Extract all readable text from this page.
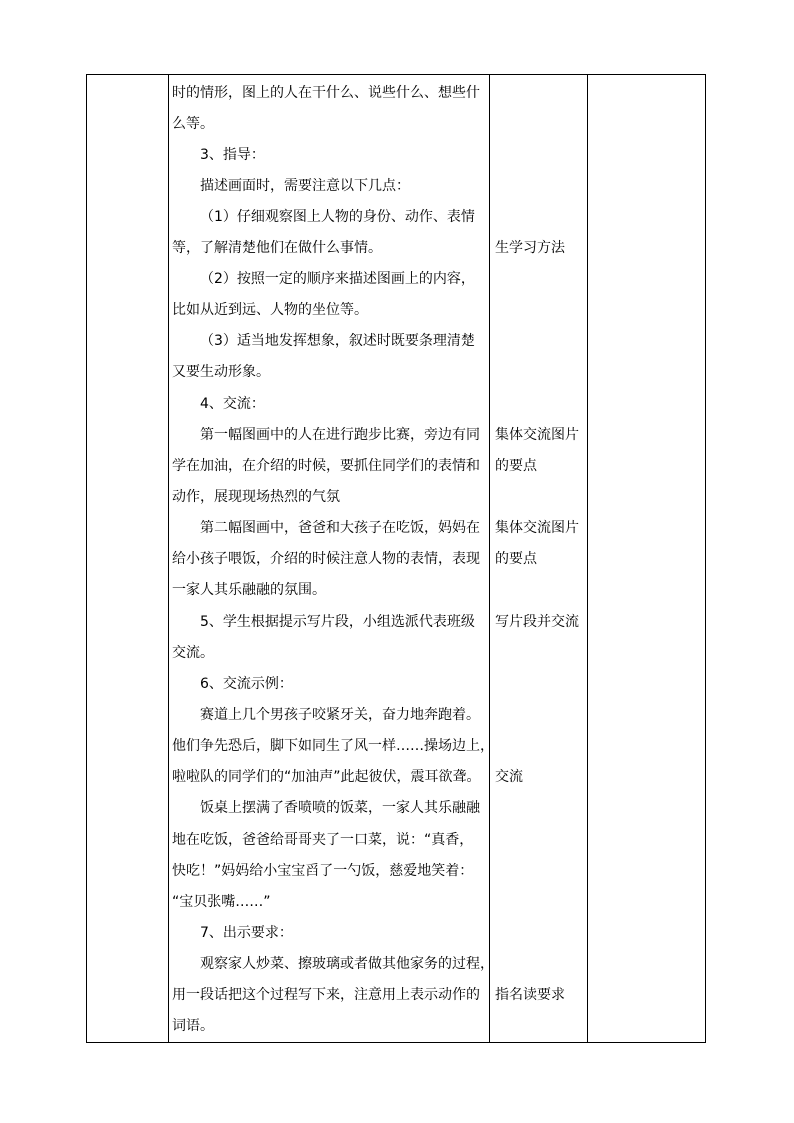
时的情形，图上的人在干什么、说些什么、想些什
么等。
3、指导：
描述画面时，需要注意以下几点：
（1）仔细观察图上人物的身份、动作、表情
等，了解清楚他们在做什么事情。
（2）按照一定的顺序来描述图画上的内容，
比如从近到远、人物的坐位等。
（3）适当地发挥想象，叙述时既要条理清楚
又要生动形象。
4、交流：
第一幅图画中的人在进行跑步比赛，旁边有同
学在加油，在介绍的时候，要抓住同学们的表情和
动作，展现现场热烈的气氛
第二幅图画中，爸爸和大孩子在吃饭，妈妈在
给小孩子喂饭，介绍的时候注意人物的表情，表现
一家人其乐融融的氛围。
5、学生根据提示写片段，小组选派代表班级
交流。
6、交流示例：
赛道上几个男孩子咬紧牙关，奋力地奔跑着。
他们争先恐后，脚下如同生了风一样……操场边上，
啦啦队的同学们的“加油声”此起彼伏，震耳欲聋。
饭桌上摆满了香喷喷的饭菜，一家人其乐融融
地在吃饭，爸爸给哥哥夹了一口菜，说：“真香，
快吃！”妈妈给小宝宝舀了一勺饭，慈爱地笑着：
“宝贝张嘴……”
7、出示要求：
观察家人炒菜、擦玻璃或者做其他家务的过程，
用一段话把这个过程写下来，注意用上表示动作的
词语。
生学习方法
集体交流图片
的要点
集体交流图片
的要点
写片段并交流
交流
指名读要求
